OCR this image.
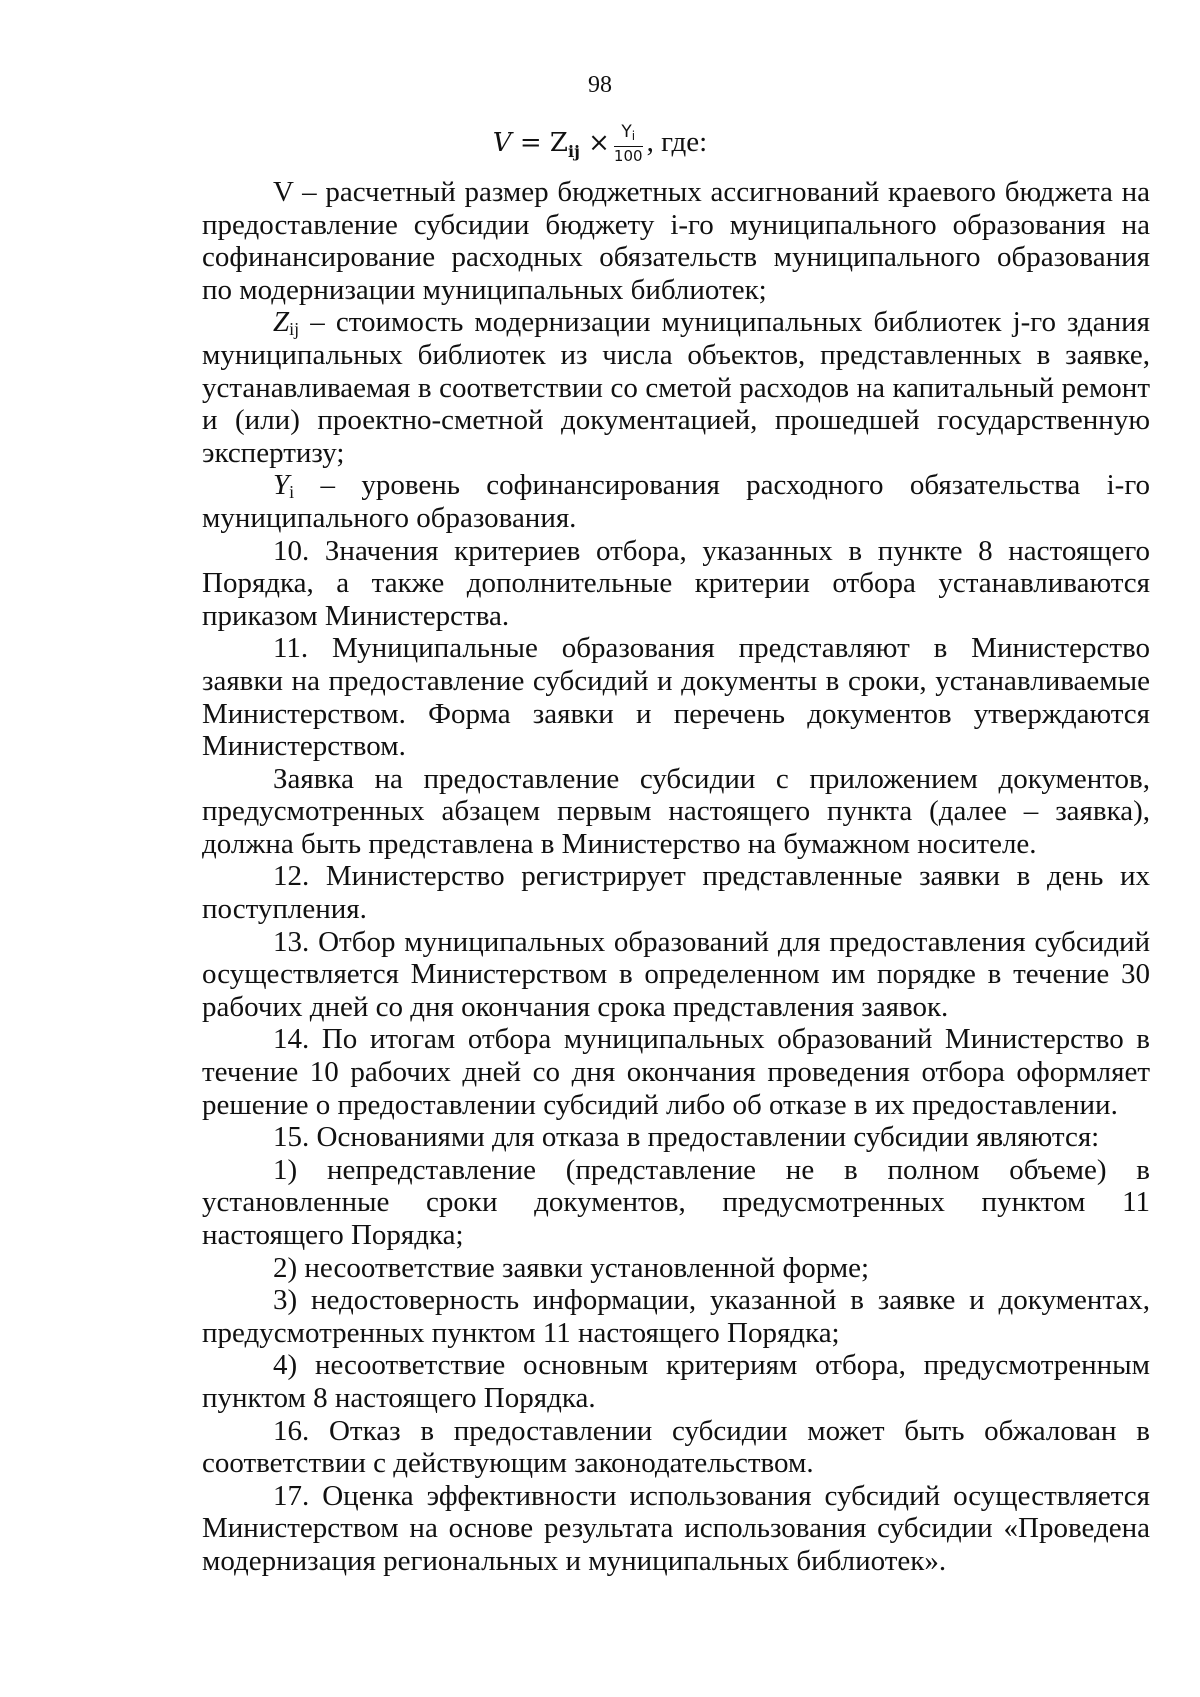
98
$V = Z_{ij} \times \frac{Y_i}{100}$ , где:

V – расчетный размер бюджетных ассигнований краевого бюджета на предоставление субсидии бюджету i-го муниципального образования на софинансирование расходных обязательств муниципального образования по модернизации муниципальных библиотек;

$Z_{ij}$ – стоимость модернизации муниципальных библиотек j-го здания муниципальных библиотек из числа объектов, представленных в заявке, устанавливаемая в соответствии со сметой расходов на капитальный ремонт и (или) проектно-сметной документацией, прошедшей государственную экспертизу;

$Y_i$ – уровень софинансирования расходного обязательства i-го муниципального образования.

10. Значения критериев отбора, указанных в пункте 8 настоящего Порядка, а также дополнительные критерии отбора устанавливаются приказом Министерства.

11. Муниципальные образования представляют в Министерство заявки на предоставление субсидий и документы в сроки, устанавливаемые Министерством. Форма заявки и перечень документов утверждаются Министерством.

Заявка на предоставление субсидии с приложением документов, предусмотренных абзацем первым настоящего пункта (далее – заявка), должна быть представлена в Министерство на бумажном носителе.

12. Министерство регистрирует представленные заявки в день их поступления.

13. Отбор муниципальных образований для предоставления субсидий осуществляется Министерством в определенном им порядке в течение 30 рабочих дней со дня окончания срока представления заявок.

14. По итогам отбора муниципальных образований Министерство в течение 10 рабочих дней со дня окончания проведения отбора оформляет решение о предоставлении субсидий либо об отказе в их предоставлении.

15. Основаниями для отказа в предоставлении субсидии являются:

1) непредставление (представление не в полном объеме) в установленные сроки документов, предусмотренных пунктом 11 настоящего Порядка;

2) несоответствие заявки установленной форме;

3) недостоверность информации, указанной в заявке и документах, предусмотренных пунктом 11 настоящего Порядка;

4) несоответствие основным критериям отбора, предусмотренным пунктом 8 настоящего Порядка.

16. Отказ в предоставлении субсидии может быть обжалован в соответствии с действующим законодательством.

17. Оценка эффективности использования субсидий осуществляется Министерством на основе результата использования субсидии «Проведена модернизация региональных и муниципальных библиотек».
